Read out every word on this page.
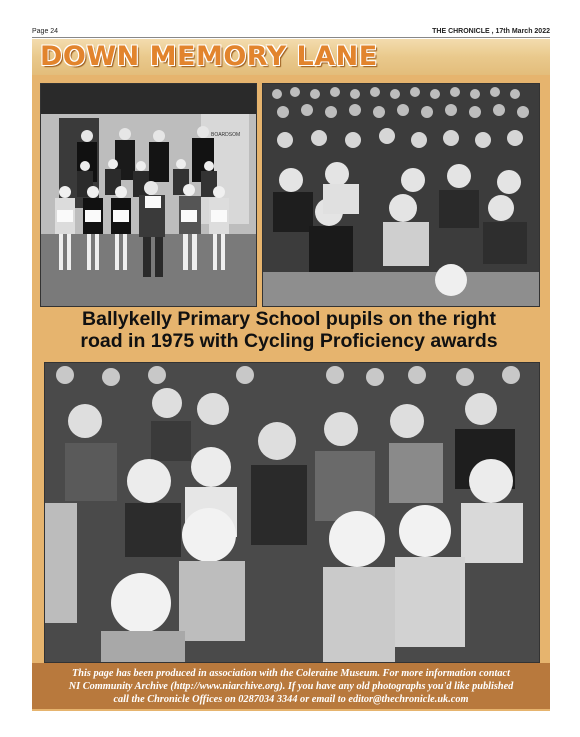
Page 24	THE CHRONICLE , 17th March 2022
DOWN MEMORY LANE
BOARDSOM
Ballykelly Primary School pupils on the right
road in 1975 with Cycling Proficiency awards
This page has been produced in association with the Coleraine Museum. For more information contact
NI Community Archive (http://www.niarchive.org). If you have any old photographs you'd like published
call the Chronicle Offices on 0287034 3344 or email to editor@thechronicle.uk.com
